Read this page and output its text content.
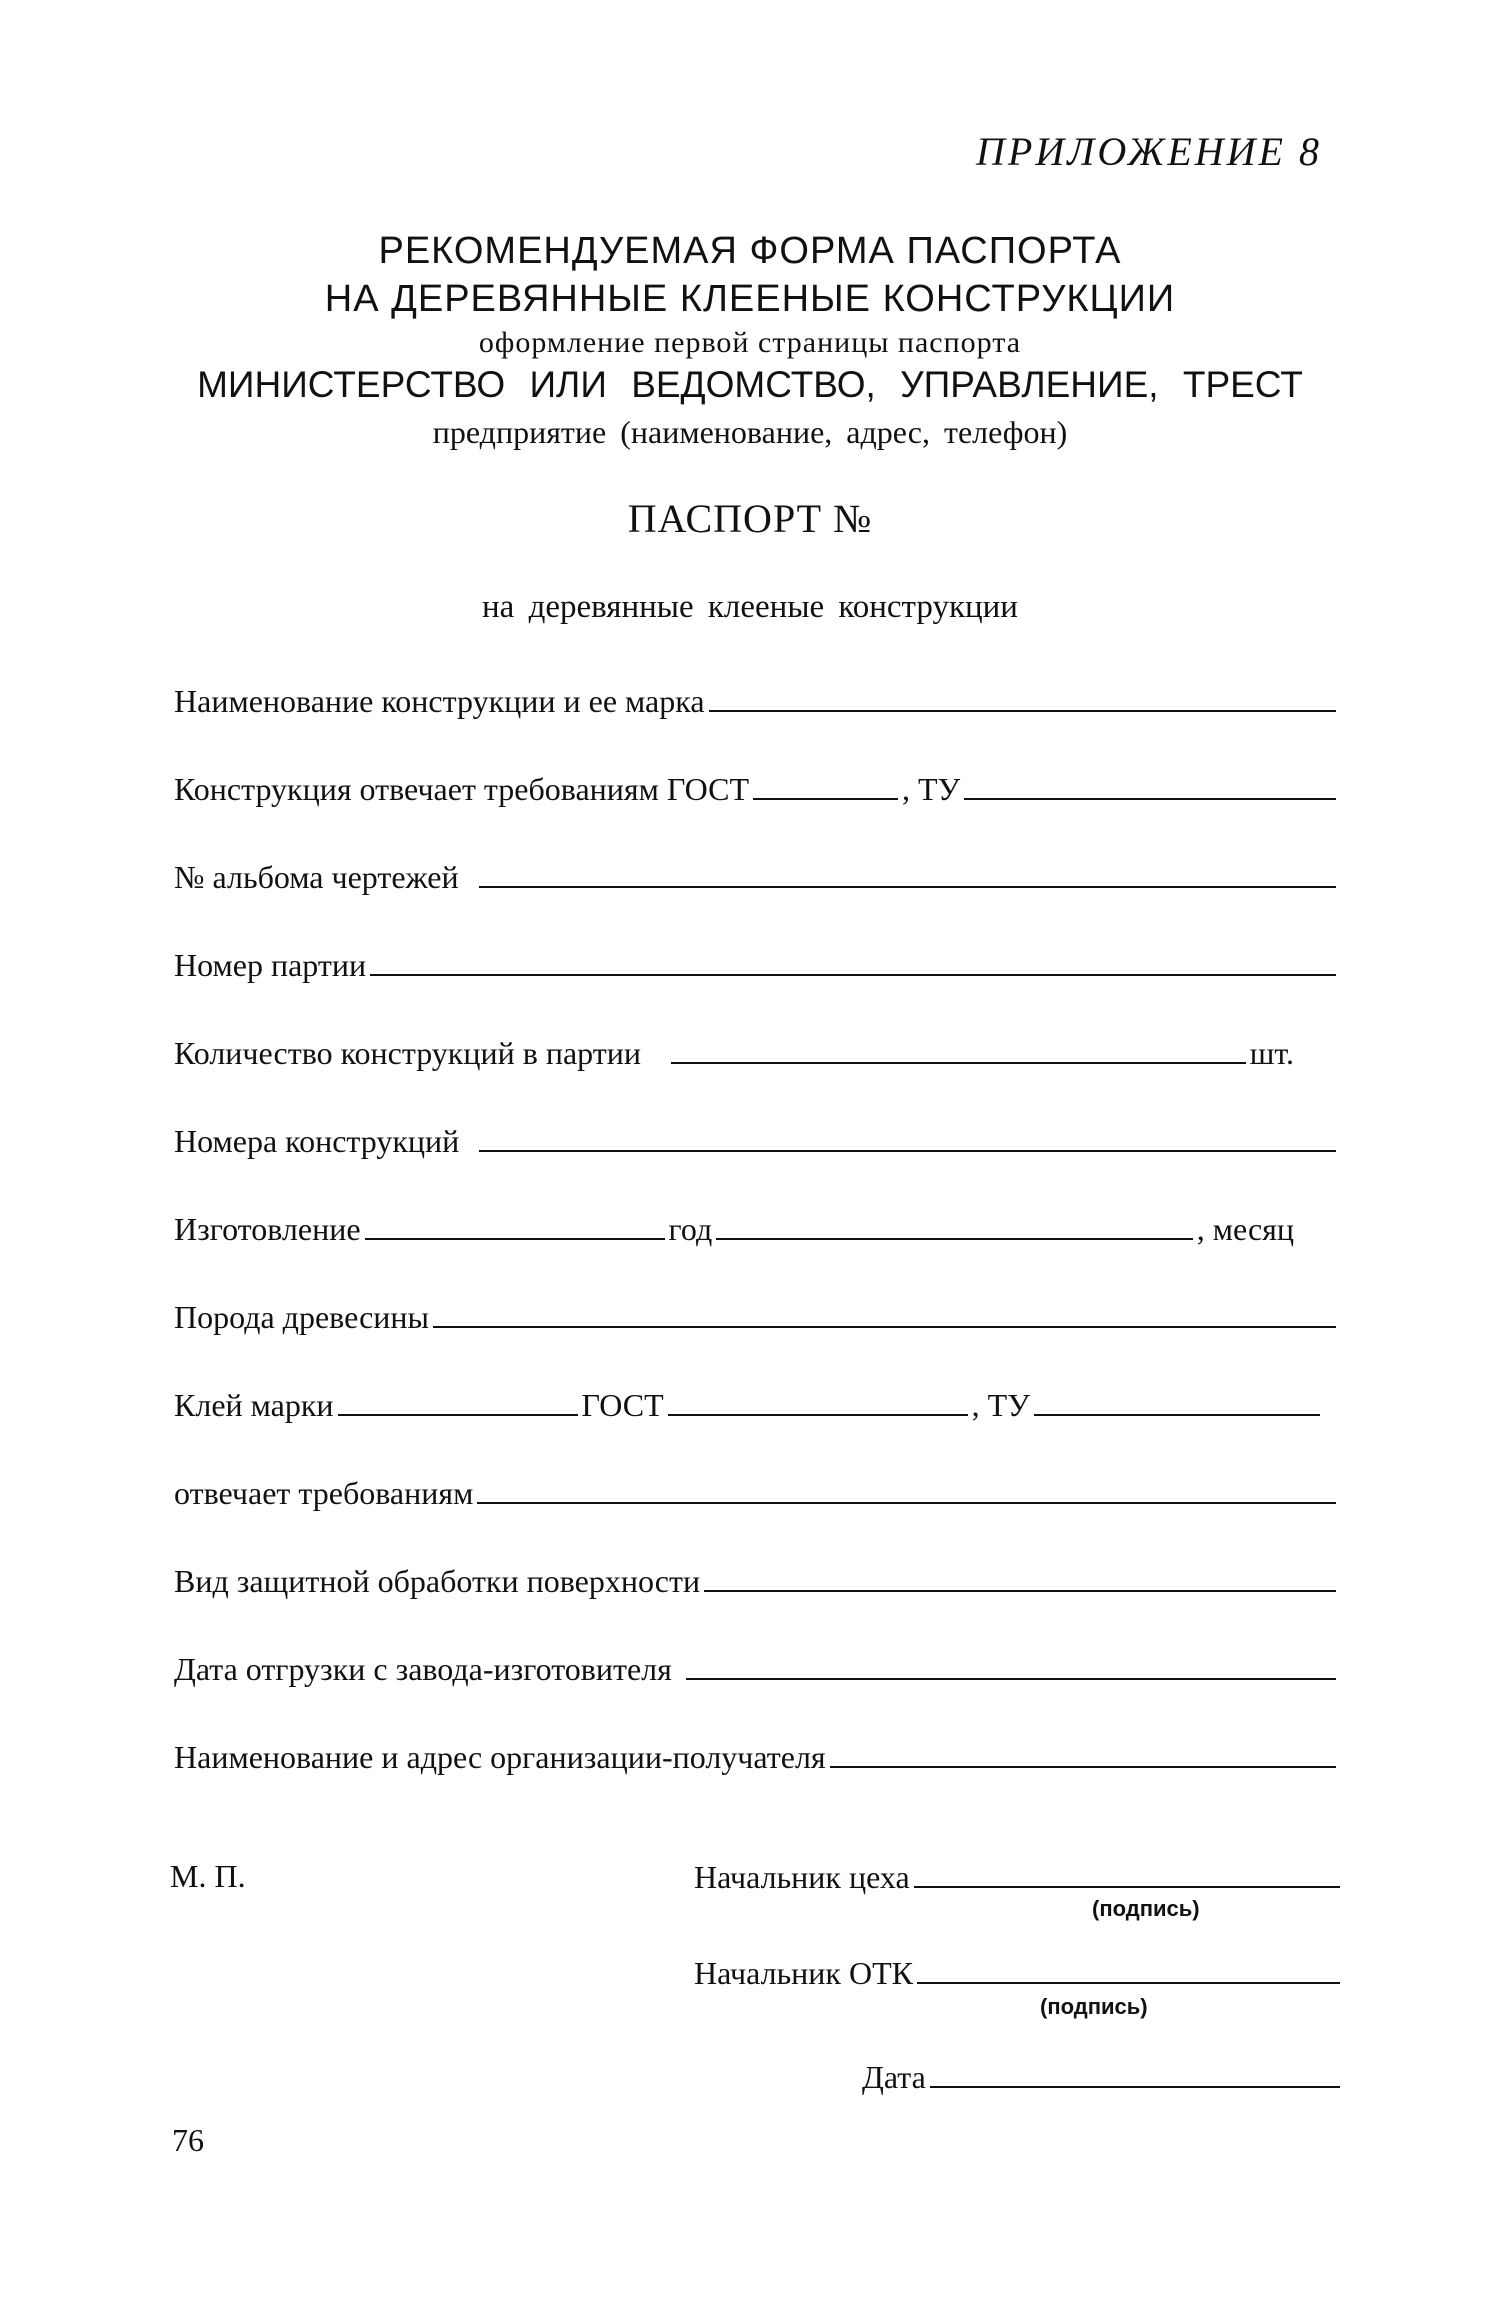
ПРИЛОЖЕНИЕ 8
РЕКОМЕНДУЕМАЯ ФОРМА ПАСПОРТА
НА ДЕРЕВЯННЫЕ КЛЕЕНЫЕ КОНСТРУКЦИИ
оформление первой страницы паспорта
МИНИСТЕРСТВО ИЛИ ВЕДОМСТВО, УПРАВЛЕНИЕ, ТРЕСТ
предприятие (наименование, адрес, телефон)
ПАСПОРТ №
на деревянные клееные конструкции
Наименование конструкции и ее марка
Конструкция отвечает требованиям ГОСТ	, ТУ
№ альбома чертежей
Номер партии
Количество конструкций в партии	шт.
Номера конструкций
Изготовление	год	, месяц
Порода древесины
Клей марки	ГОСТ	, ТУ
отвечает требованиям
Вид защитной обработки поверхности
Дата отгрузки с завода-изготовителя
Наименование и адрес организации-получателя
М. П.	Начальник цеха
(подпись)
Начальник ОТК
(подпись)
Дата
76
